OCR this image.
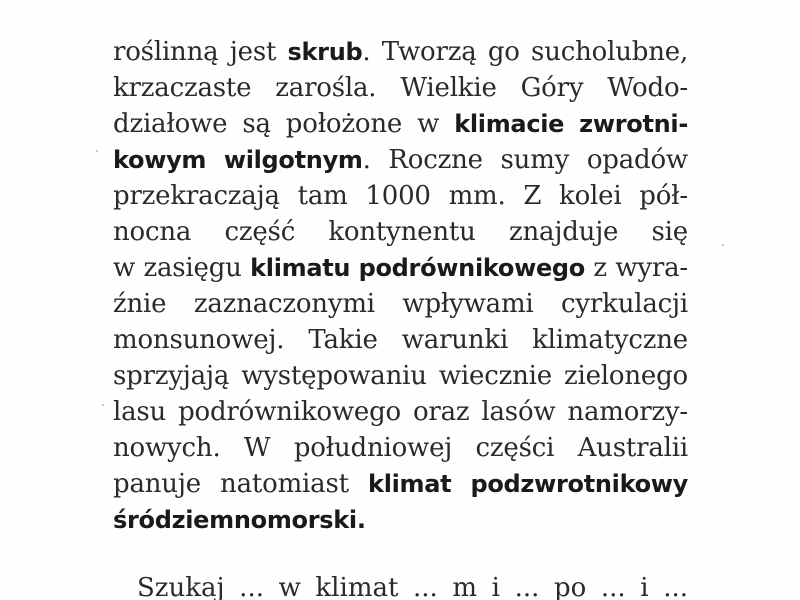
roślinną jest skrub. Tworzą go sucholubne,
krzaczaste zarośla. Wielkie Góry Wodo-
działowe są położone w klimacie zwrotni-
kowym wilgotnym. Roczne sumy opadów
przekraczają tam 1000 mm. Z kolei pół-
nocna część kontynentu znajduje się
w zasięgu klimatu podrównikowego z wyra-
źnie zaznaczonymi wpływami cyrkulacji
monsunowej. Takie warunki klimatyczne
sprzyjają występowaniu wiecznie zielonego
lasu podrównikowego oraz lasów namorzy-
nowych. W południowej części Australii
panuje natomiast klimat podzwrotnikowy
śródziemnomorski.
Szukaj ... w klimat ... m i ... po ... i ...
